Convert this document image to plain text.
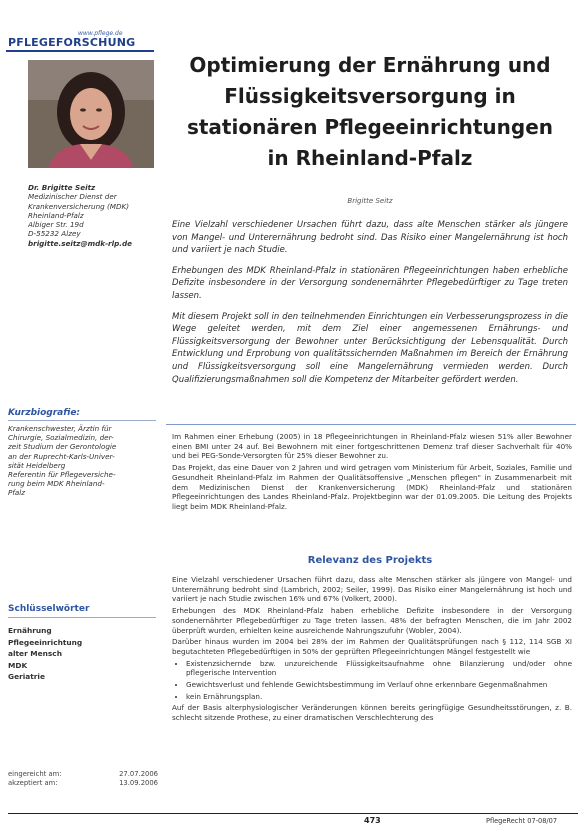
www.pflege.de
PFLEGEFORSCHUNG
Dr. Brigitte Seitz
Medizinischer Dienst der
Krankenversicherung (MDK)
Rheinland-Pfalz
Albiger Str. 19d
D-55232 Alzey
brigitte.seitz@mdk-rlp.de
Kurzbiografie:
Krankenschwester, Ärztin für
Chirurgie, Sozialmedizin, der-
zeit Studium der Gerontologie
an der Ruprecht-Karls-Univer-
sität Heidelberg
Referentin für Pflegeversiche-
rung beim MDK Rheinland-
Pfalz
Schlüsselwörter
Ernährung
Pflegeeinrichtung
alter Mensch
MDK
Geriatrie
eingereicht am:	27.07.2006
akzeptiert am:	13.09.2006
Optimierung der Ernährung und
Flüssigkeitsversorgung in
stationären Pflegeeinrichtungen
in Rheinland-Pfalz
Brigitte Seitz

Eine Vielzahl verschiedener Ursachen führt dazu, dass alte Menschen stärker als jüngere von Mangel- und Unterernährung bedroht sind. Das Risiko einer Mangelernährung ist hoch und variiert je nach Studie.

Erhebungen des MDK Rheinland-Pfalz in stationären Pflegeeinrichtungen haben erhebliche Defizite insbesondere in der Versorgung sondenernährter Pflegebedürftiger zu Tage treten lassen.

Mit diesem Projekt soll in den teilnehmenden Einrichtungen ein Verbesserungsprozess in die Wege geleitet werden, mit dem Ziel einer angemessenen Ernährungs- und Flüssigkeitsversorgung der Bewohner unter Berücksichtigung der Lebensqualität. Durch Entwicklung und Erprobung von qualitätssichernden Maßnahmen im Bereich der Ernährung und Flüssigkeitsversorgung soll eine Mangelernährung vermieden werden. Durch Qualifizierungsmaßnahmen soll die Kompetenz der Mitarbeiter gefördert werden.

Im Rahmen einer Erhebung (2005) in 18 Pflegeeinrichtungen in Rheinland-Pfalz wiesen 51% aller Bewohner einen BMI unter 24 auf. Bei Bewohnern mit einer fortgeschrittenen Demenz traf dieser Sachverhalt für 40% und bei PEG-Sonde-Versorgten für 25% dieser Bewohner zu.

Das Projekt, das eine Dauer von 2 Jahren und wird getragen vom Ministerium für Arbeit, Soziales, Familie und Gesundheit Rheinland-Pfalz im Rahmen der Qualitätsoffensive „Menschen pflegen" in Zusammenarbeit mit dem Medizinischen Dienst der Krankenversicherung (MDK) Rheinland-Pfalz und stationären Pflegeeinrichtungen des Landes Rheinland-Pfalz. Projektbeginn war der 01.09.2005. Die Leitung des Projekts liegt beim MDK Rheinland-Pfalz.

Relevanz des Projekts

Eine Vielzahl verschiedener Ursachen führt dazu, dass alte Menschen stärker als jüngere von Mangel- und Unterernährung bedroht sind (Lambrich, 2002; Seiler, 1999). Das Risiko einer Mangelernährung ist hoch und variiert je nach Studie zwischen 16% und 67% (Volkert, 2000).

Erhebungen des MDK Rheinland-Pfalz haben erhebliche Defizite insbesondere in der Versorgung sondenernährter Pflegebedürftiger zu Tage treten lassen. 48% der befragten Menschen, die im Jahr 2002 überprüft wurden, erhielten keine ausreichende Nahrungszufuhr (Wobler, 2004).

Darüber hinaus wurden im 2004 bei 28% der im Rahmen der Qualitätsprüfungen nach § 112, 114 SGB XI begutachteten Pflegebedürftigen in 50% der geprüften Pflegeeinrichtungen Mängel festgestellt wie

• Existenzsichernde bzw. unzureichende Flüssigkeitsaufnahme ohne Bilanzierung und/oder ohne pflegerische Intervention
• Gewichtsverlust und fehlende Gewichtsbestimmung im Verlauf ohne erkennbare Gegenmaßnahmen
• kein Ernährungsplan.

Auf der Basis alterphysiologischer Veränderungen können bereits geringfügige Gesundheitsstörungen, z. B. schlecht sitzende Prothese, zu einer dramatischen Verschlechterung des

473	PflegeRecht 07-08/07
